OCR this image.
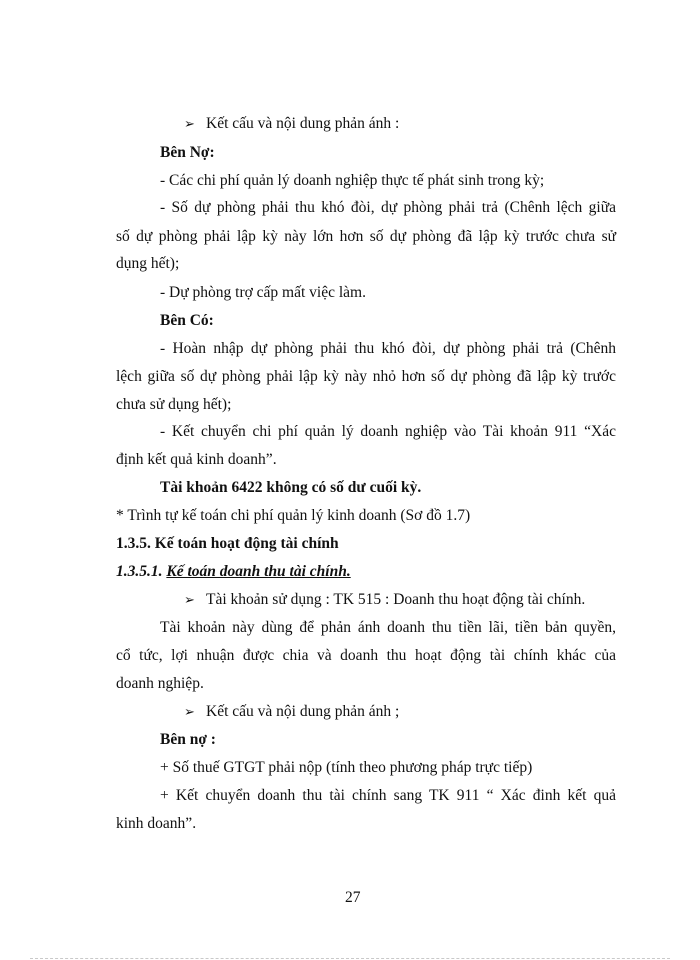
➢ Kết cấu và nội dung phản ánh :
Bên Nợ:
- Các chi phí quản lý doanh nghiệp thực tế phát sinh trong kỳ;
- Số dự phòng phải thu khó đòi, dự phòng phải trả (Chênh lệch giữa
số dự phòng phải lập kỳ này lớn hơn số dự phòng đã lập kỳ trước chưa sử
dụng hết);
- Dự phòng trợ cấp mất việc làm.
Bên Có:
- Hoàn nhập dự phòng phải thu khó đòi, dự phòng phải trả (Chênh
lệch giữa số dự phòng phải lập kỳ này nhỏ hơn số dự phòng đã lập kỳ trước
chưa sử dụng hết);
- Kết chuyển chi phí quản lý doanh nghiệp vào Tài khoản 911 “Xác
định kết quả kinh doanh”.
Tài khoản 6422 không có số dư cuối kỳ.
* Trình tự kế toán chi phí quản lý kinh doanh (Sơ đồ 1.7)
1.3.5. Kế toán hoạt động tài chính
1.3.5.1. Kế toán doanh thu tài chính.
➢ Tài khoản sử dụng : TK 515 : Doanh thu hoạt động tài chính.
Tài khoản này dùng để phản ánh doanh thu tiền lãi, tiền bản quyền,
cổ tức, lợi nhuận được chia và doanh thu hoạt động tài chính khác của
doanh nghiệp.
➢ Kết cấu và nội dung phản ánh ;
Bên nợ :
+ Số thuế GTGT phải nộp (tính theo phương pháp trực tiếp)
+ Kết chuyển doanh thu tài chính sang TK 911 “ Xác đinh kết quả
kinh doanh”.
27
